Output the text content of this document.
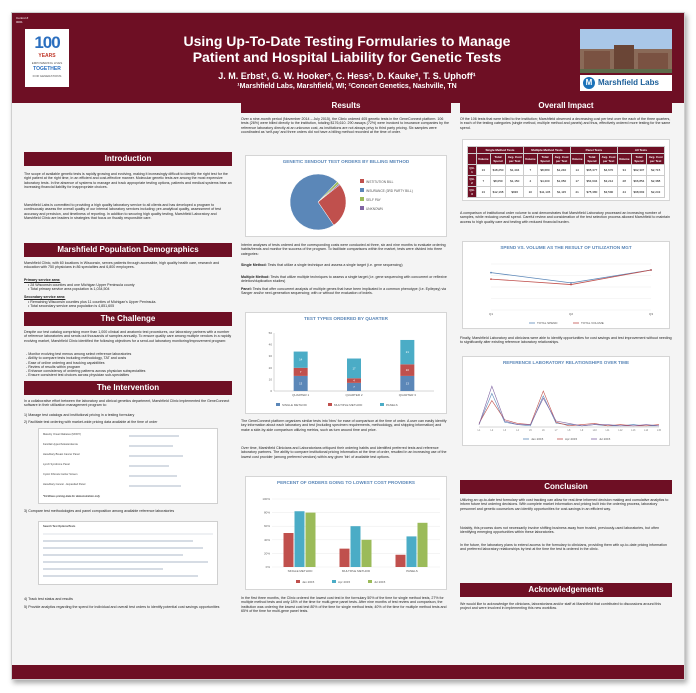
Control #
0001
100
YEARS
EMPOWERING LIVES
TOGETHER
FOR GENERATIONS
Using Up-To-Date Testing Formularies to Manage
Patient and Hospital Liability for Genetic Tests
J. M. Erbst¹, G. W. Hooker², C. Hess², D. Kauke², T. S. Uphoff¹
¹Marshfield Labs, Marshfield, WI; ²Concert Genetics, Nashville, TN	M Marshfield Labs
Introduction
The scope of available genetic tests is rapidly growing and evolving, making it increasingly difficult to identify the right test for the right patient at the right time, in an efficient and cost-effective manner. Molecular genetic tests are among the most expensive laboratory tests. In the absence of systems to manage and track appropriate testing options, patients and medical systems bear an increasing financial liability for inappropriate choices.
Marshfield Labs is committed to providing a high quality laboratory service to all clients and has developed a program to continuously assess the overall quality of our internal laboratory services including: pre-analytical quality, assessment of test accuracy and precision, and timeliness of reporting. In addition to securing high quality testing, Marshfield Laboratory and Marshfield Clinic are leaders in strategies that focus on fiscally responsible care.
Marshfield Population Demographics
Marshfield Clinic, with 60 locations in Wisconsin, serves patients through accessible, high quality health care, research and education with 750 physicians in 86 specialties and 6,800 employees.
Primary service area:
• 28 Wisconsin counties and one Michigan Upper Peninsula county
• Total primary service area population is 1,034,504
Secondary service area:
• Remaining Wisconsin counties plus 11 counties of Michigan's Upper Peninsula.
• Total secondary service area population is 4,851,605
The Challenge
Despite our test catalog comprising more than 1,000 clinical and anatomic test procedures, our laboratory partners with a number of reference laboratories and sends out thousands of samples annually. To ensure quality care among multiple vendors in a rapidly evolving market, Marshfield Clinic identified the following objectives for a send-out laboratory monitoring/improvement program:
- Monitor evolving test menus among select reference laboratories
- Ability to compare tests including methodology, TAT and costs
- Ease of online ordering and tracking capabilities
- Review of results within program
- Enhance consistency of ordering patterns across physician subspecialties
- Ensure consistent test choices across physician sub-specialties
The Intervention
In a collaborative effort between the laboratory and clinical genetics department, Marshfield Clinic implemented the GeneConnect software in their utilization management program to:
1) Manage test catalogs and institutional pricing in a testing formulary
2) Facilitate test ordering with market-wide pricing data available at the time of order
Maturity Onset Diabetes (MODY)
Familial Hypercholesterolemia
Hereditary Breast Cancer Panel
Lynch Syndrome Panel
Cystic Fibrosis Carrier Screen
Hereditary Cancer - Expanded Panel
*Fictitious pricing data for demonstration only
3) Compare test methodologies and panel composition among available reference laboratories
Search Test Options/Tests
4) Track test status and results
5) Provide analytics regarding the spend for individual and overall test orders to identify potential cost savings opportunities
Results
Over a nine-month period (November 2014 – July 2015), the Clinic ordered 405 genetic tests in the GeneConnect platform. 106 tests (26%) were billed directly to the institution, totaling $176,610. 290 assays (72%) were invoiced to insurance companies by the reference laboratory directly at an unknown cost, as institutions are not always privy to third party pricing. Six samples were coordinated as 'self-pay' and three orders did not have a billing method recorded at the time of order.
GENETIC SENDOUT TEST ORDERS BY BILLING METHOD
INSTITUTION BILL
INSURANCE (3RD PARTY BILL)
SELF PAY
UNKNOWN
Interim analyses of tests ordered and the corresponding costs were conducted at three, six and nine months to evaluate ordering habits/trends and monitor the success of the program. To facilitate comparisons within the market, tests were divided into three categories:
Single Method: Tests that utilize a single technique and assess a single target (i.e. gene sequencing)
Multiple Method: Tests that utilize multiple techniques to assess a single target (i.e. gene sequencing with concurrent or reflexive deletion/duplication studies)
Panel: Tests that offer concurrent analysis of multiple genes that have been implicated in a common phenotype (i.e. Epilepsy) via Sanger and/or next-generation sequencing; with or without the evaluation of indels.
TEST TYPES ORDERED BY QUARTER
0
10
20
30
40
50
13
7
14
QUARTER 1
7
4
17
QUARTER 2
13
10
21
QUARTER 3
SINGLE METHOD	MULTIPLE METHOD	PANELS
The GeneConnect platform organizes similar tests into 'bins' for ease of comparison at the time of order. A user can easily identify key information about each laboratory and test (including specimen requirements, methodology, and shipping information) and make a side-by-side comparison utilizing metrics, such as turn around time and price.
Over time, Marshfield Clinicians and Laboratorians critiqued their ordering habits and identified preferred tests and reference laboratory partners. The ability to compare institutional pricing information at the time of order, resulted in an increasing use of the lowest cost provider (among preferred vendors) within any given 'bin' of available test options.
PERCENT OF ORDERS GOING TO LOWEST COST PROVIDERS
0%
20%
40%
60%
80%
100%
SINGLE METHOD	MULTIPLE METHOD	PANELS
Jan 2015	Apr 2015	Jul 2015
In the first three months, the Clinic ordered the lowest cost test in the formulary 50% of the time for single method tests, 27% for multiple method tests and only 18% of the time for multi-gene panel tests. After nine months of test review and comparison, the institution was ordering the lowest cost test 80% of the time for single method tests; 40% of the time for multiple method tests and 65% of the time for multi-gene panel tests.
Overall Impact
Of the 106 tests that were billed to the institution; Marshfield observed a decreasing cost per test over the each of the three quarters, in each of the testing categories (single method, multiple method and panels) and thus, effectively ordered more testing for the same spend.
	Single Method Tests			Multiple Method Tests			Panel Tests			All Tests		
	Volume	Total Spend	Avg. Cost per Test	Volume	Total Spend	Avg. Cost per Test	Volume	Total Spend	Avg. Cost per Test	Volume	Total Spend	Avg. Cost per Test
Qtr. 1	13	$18,250	$1,404	7	$8,680	$1,240	14	$65,377	$4,670	34	$92,307	$2,715
Qtr. 2	7	$8,050	$1,150	4	$4,200	$1,050	17	$54,604	$3,212	28	$66,854	$2,388
Qtr. 3	13	$12,168	$936	10	$11,145	$1,115	21	$75,380	$3,590	44	$98,693	$2,243
A comparison of institutional order volume to cost demonstrates that Marshfield Laboratory processed an increasing number of samples, while reducing overall spend. Careful review and consideration of the test selection process allowed Marshfield to maintain access to high quality care and testing with reduced financial burden.
SPEND VS. VOLUME AS THE RESULT OF UTILIZATION MGT
Q1	Q2	Q3
TOTAL SPEND	TOTAL VOLUME
Finally, Marshfield Laboratory and clinicians were able to identify opportunities for cost savings and test improvement without needing to significantly alter existing reference laboratory relationships.
REFERENCE LABORATORY RELATIONSHIPS OVER TIME
L1	L2	L3	L4	L5	L6	L7	L8	L9	L10	L11	L12	L13	L14	L15
Jan 2015	Apr 2015	Jul 2015
Conclusion
Utilizing an up-to-date test formulary with cost tracking can allow for real-time informed decision making and cumulative analytics to inform future test ordering decisions. With complete market information and pricing built into the ordering process, laboratory personnel and genetic counselors can identify opportunities for cost-savings in an efficient way.
Notably, this process does not necessarily involve shifting business away from trusted, previously-used laboratories, but often identifying emerging opportunities within these laboratories.
In the future, the laboratory plans to extend access to the formulary to clinicians, providing them with up-to-date pricing information and preferred laboratory relationships by test at the time the test is ordered in the clinic.
Acknowledgements
We would like to acknowledge the clinicians, laboratorians and/or staff at Marshfield that contributed to discussions around this project and were involved in implementing this new workflow.
